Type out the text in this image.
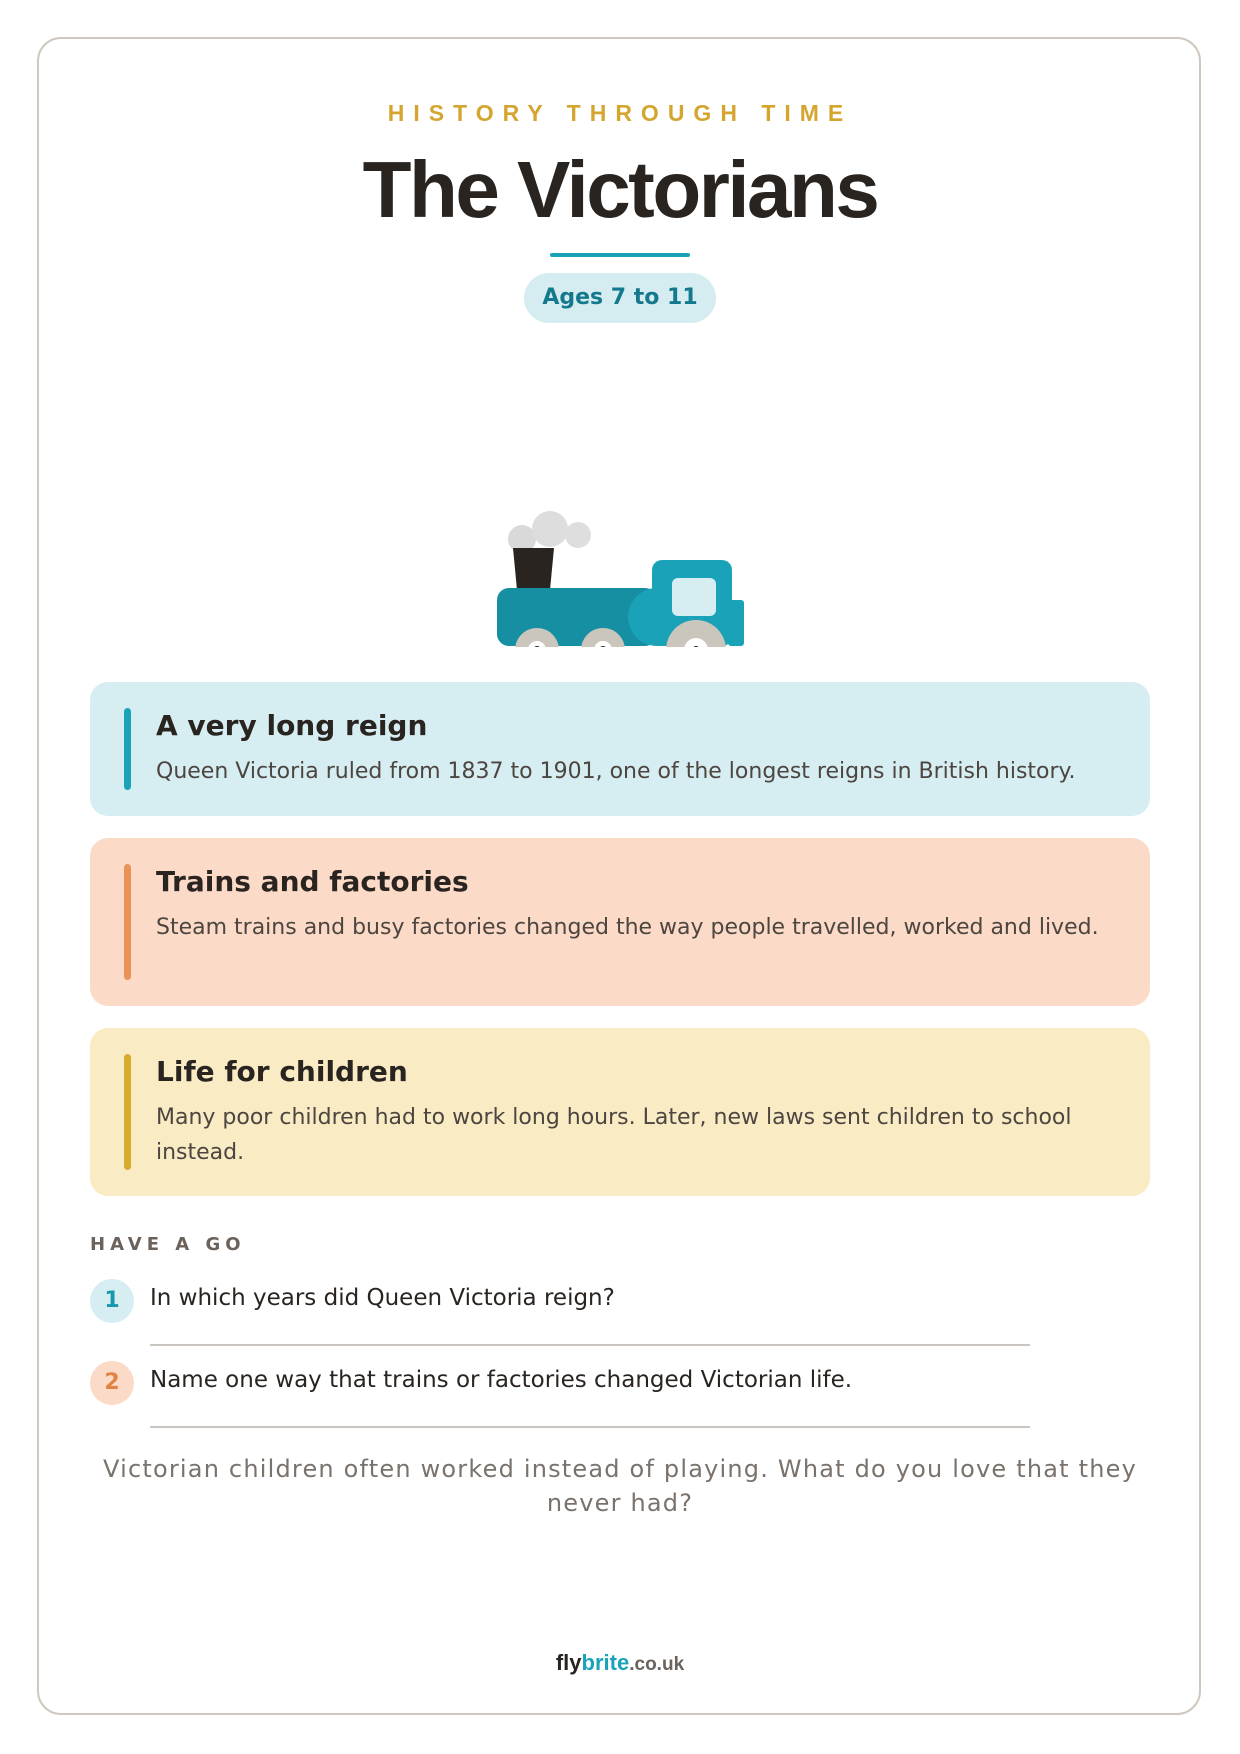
HISTORY THROUGH TIME
The Victorians
Ages 7 to 11
A very long reign

Queen Victoria ruled from 1837 to 1901, one of the longest reigns in British history.

Trains and factories

Steam trains and busy factories changed the way people travelled, worked and lived.

Life for children

Many poor children had to work long hours. Later, new laws sent children to school instead.

HAVE A GO
1	In which years did Queen Victoria reign?
2	Name one way that trains or factories changed Victorian life.
Victorian children often worked instead of playing. What do you love that they never had?
flybrite.co.uk
